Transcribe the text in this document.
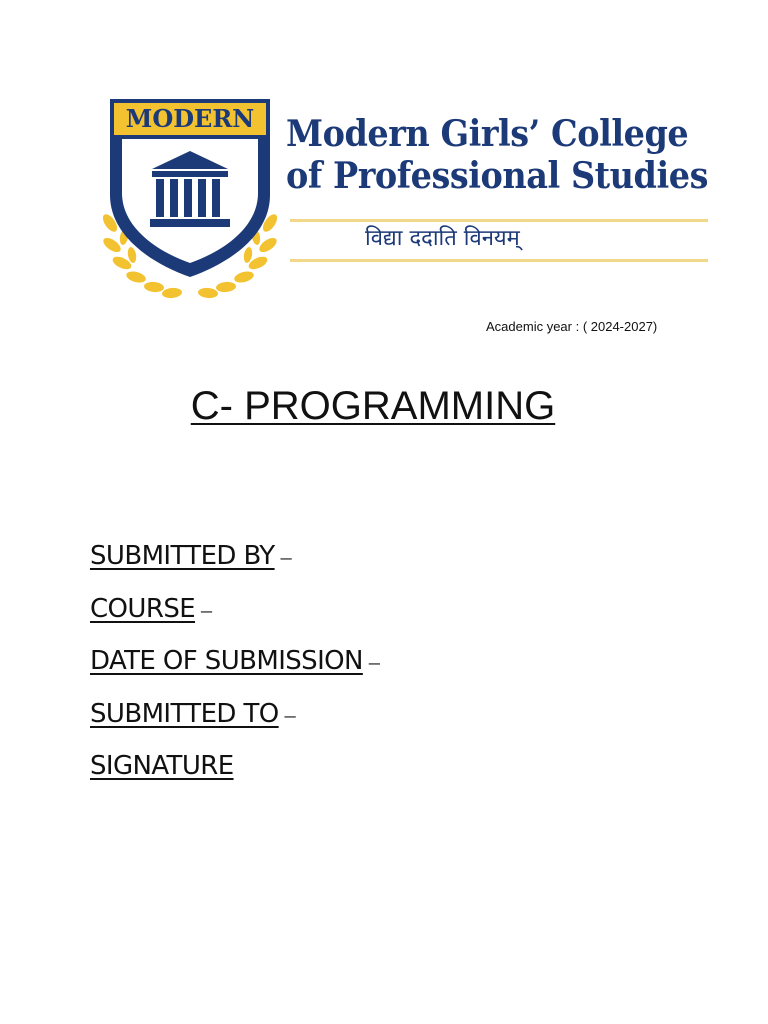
MODERN Modern Girls’ College
of Professional Studies
विद्या ददाति विनयम्
Academic year : ( 2024-2027)
C- PROGRAMMING
SUBMITTED BY –
COURSE –
DATE OF SUBMISSION –
SUBMITTED TO –
SIGNATURE
